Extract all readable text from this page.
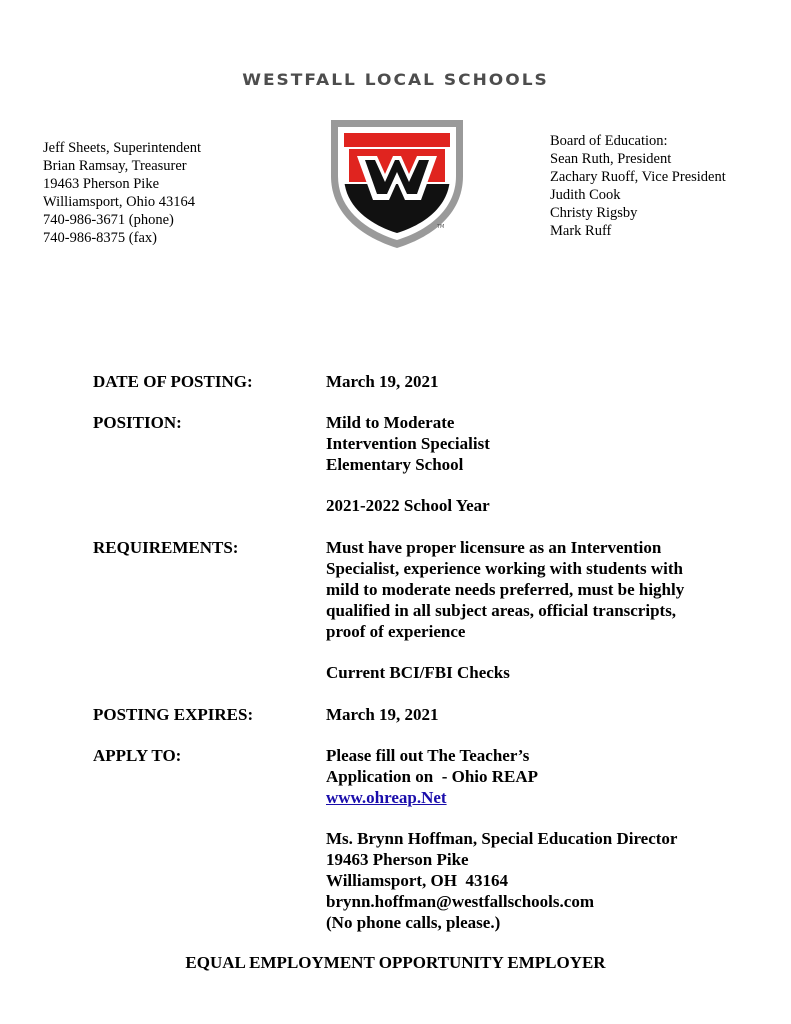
WESTFALL LOCAL SCHOOLS
Jeff Sheets, Superintendent
Brian Ramsay, Treasurer
19463 Pherson Pike
Williamsport, Ohio 43164
740-986-3671 (phone)
740-986-8375 (fax)
TM
Board of Education:
Sean Ruth, President
Zachary Ruoff, Vice President
Judith Cook
Christy Rigsby
Mark Ruff
DATE OF POSTING:	March 19, 2021
POSITION:	Mild to Moderate
Intervention Specialist
Elementary School
2021-2022 School Year
REQUIREMENTS:	Must have proper licensure as an Intervention
Specialist, experience working with students with
mild to moderate needs preferred, must be highly
qualified in all subject areas, official transcripts,
proof of experience
Current BCI/FBI Checks
POSTING EXPIRES:	March 19, 2021
APPLY TO:	Please fill out The Teacher’s
Application on  - Ohio REAP
www.ohreap.Net
Ms. Brynn Hoffman, Special Education Director
19463 Pherson Pike
Williamsport, OH  43164
brynn.hoffman@westfallschools.com
(No phone calls, please.)
EQUAL EMPLOYMENT OPPORTUNITY EMPLOYER
